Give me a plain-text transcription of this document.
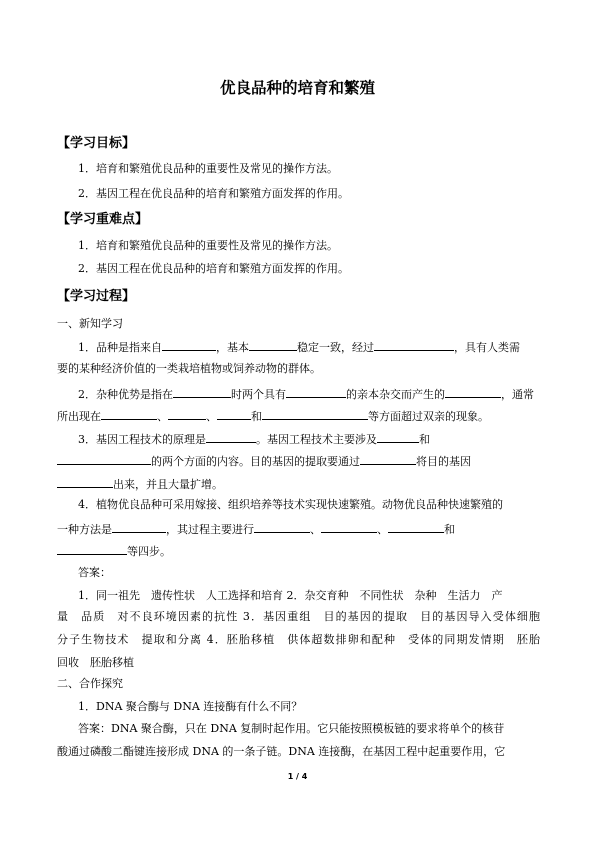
优良品种的培育和繁殖
【学习目标】
1．培育和繁殖优良品种的重要性及常见的操作方法。
2．基因工程在优良品种的培育和繁殖方面发挥的作用。
【学习重难点】
1．培育和繁殖优良品种的重要性及常见的操作方法。
2．基因工程在优良品种的培育和繁殖方面发挥的作用。
【学习过程】
一、新知学习
1．品种是指来自	，基本	稳定一致，经过	，具有人类需
要的某种经济价值的一类栽培植物或饲养动物的群体。
2．杂种优势是指在	时两个具有	的亲本杂交而产生的	，通常
所出现在	、	、	和	等方面超过双亲的现象。
3．基因工程技术的原理是	。基因工程技术主要涉及	和
的两个方面的内容。目的基因的提取要通过	将目的基因
出来，并且大量扩增。
4．植物优良品种可采用嫁接、组织培养等技术实现快速繁殖。动物优良品种快速繁殖的
一种方法是	，其过程主要进行	、	、	和
等四步。
答案：
1．同一祖先　遗传性状　人工选择和培育 2．杂交育种　不同性状　杂种　生活力　产
量　品质　对不良环境因素的抗性 3．基因重组　目的基因的提取　目的基因导入受体细胞
分子生物技术　提取和分离 4．胚胎移植　供体超数排卵和配种　受体的同期发情期　胚胎
回收　胚胎移植
二、合作探究
1．DNA 聚合酶与 DNA 连接酶有什么不同？
答案：DNA 聚合酶，只在 DNA 复制时起作用。它只能按照模板链的要求将单个的核苷
酸通过磷酸二酯键连接形成 DNA 的一条子链。DNA 连接酶，在基因工程中起重要作用，它
1 / 4
